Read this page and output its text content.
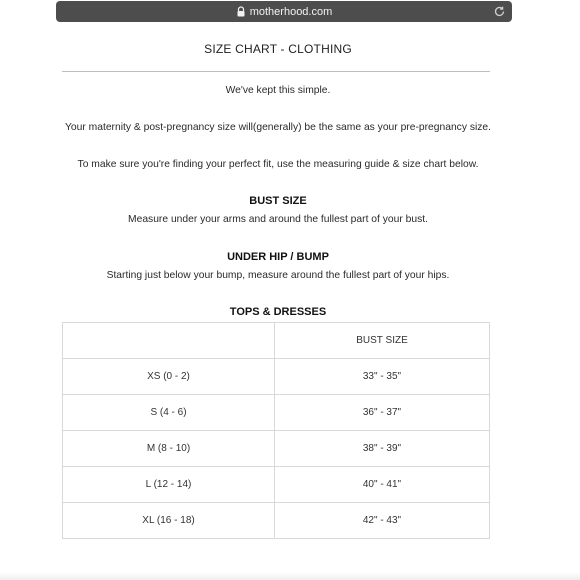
motherhood.com
SIZE CHART - CLOTHING
We've kept this simple.
Your maternity & post-pregnancy size will(generally) be the same as your pre-pregnancy size.
To make sure you're finding your perfect fit, use the measuring guide & size chart below.
BUST SIZE
Measure under your arms and around the fullest part of your bust.
UNDER HIP / BUMP
Starting just below your bump, measure around the fullest part of your hips.
TOPS & DRESSES
	BUST SIZE
XS (0 - 2)	33" - 35"
S (4 - 6)	36" - 37"
M (8 - 10)	38" - 39"
L (12 - 14)	40" - 41"
XL (16 - 18)	42" - 43"
